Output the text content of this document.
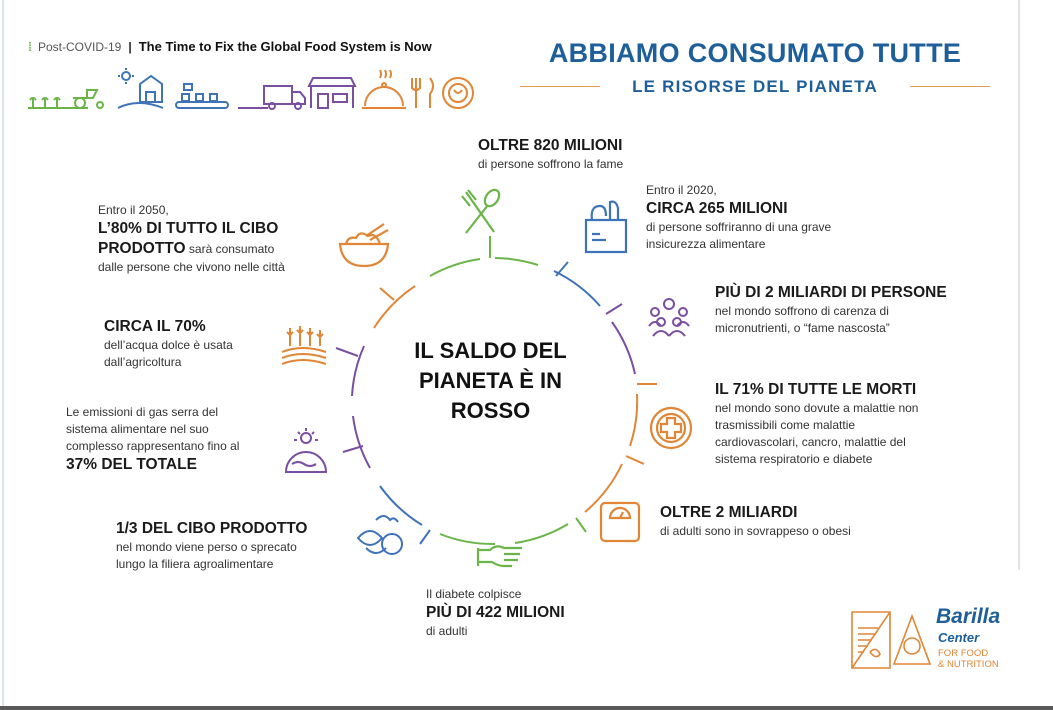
⁞ Post-COVID-19 | The Time to Fix the Global Food System is Now	ABBIAMO CONSUMATO TUTTE
LE RISORSE DEL PIANETA
IL SALDO DEL
PIANETA È IN
ROSSO
OLTRE 820 MILIONI
di persone soffrono la fame
Entro il 2020,
CIRCA 265 MILIONI
di persone soffriranno di una grave
insicurezza alimentare
PIÙ DI 2 MILIARDI DI PERSONE
nel mondo soffrono di carenza di
micronutrienti, o “fame nascosta”
IL 71% DI TUTTE LE MORTI
nel mondo sono dovute a malattie non
trasmissibili come malattie
cardiovascolari, cancro, malattie del
sistema respiratorio e diabete
OLTRE 2 MILIARDI
di adulti sono in sovrappeso o obesi
Il diabete colpisce
PIÙ DI 422 MILIONI
di adulti
1/3 DEL CIBO PRODOTTO
nel mondo viene perso o sprecato
lungo la filiera agroalimentare
Le emissioni di gas serra del
sistema alimentare nel suo
complesso rappresentano fino al
37% DEL TOTALE
CIRCA IL 70%
dell’acqua dolce è usata
dall’agricoltura
Entro il 2050,
L’80% DI TUTTO IL CIBO
PRODOTTO sarà consumato
dalle persone che vivono nelle città
Barilla
Center
FOR FOOD
& NUTRITION
